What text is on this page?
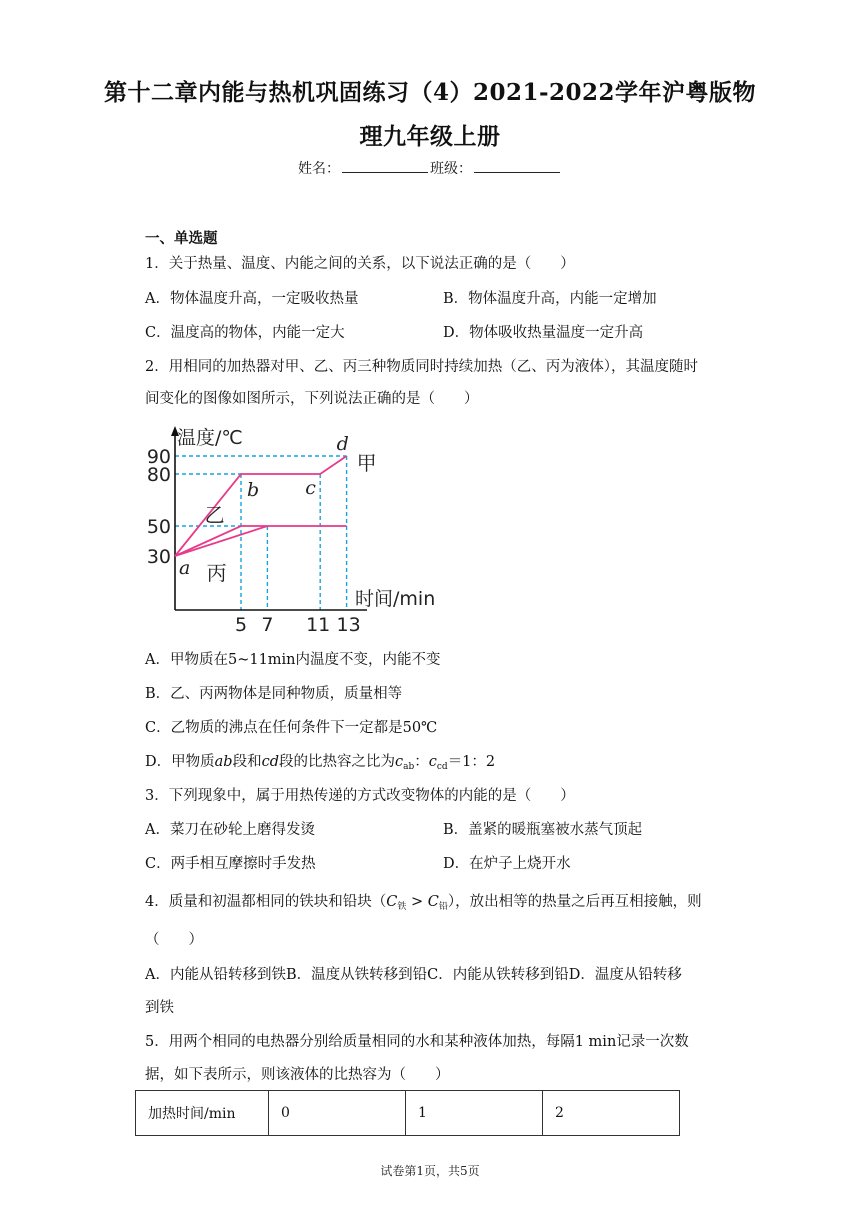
第十二章内能与热机巩固练习（4）2021-2022学年沪粤版物
理九年级上册
姓名：	班级：
一、单选题
1．关于热量、温度、内能之间的关系，以下说法正确的是（　　）
A．物体温度升高，一定吸收热量	B．物体温度升高，内能一定增加
C．温度高的物体，内能一定大	D．物体吸收热量温度一定升高
2．用相同的加热器对甲、乙、丙三种物质同时持续加热（乙、丙为液体），其温度随时
间变化的图像如图所示，下列说法正确的是（　　）
温度/℃
时间/min
30
50
80
90
5 7 11 13
a
b c
d
甲
乙
丙
A．甲物质在5~11min内温度不变，内能不变
B．乙、丙两物体是同种物质，质量相等
C．乙物质的沸点在任何条件下一定都是50℃
D．甲物质ab段和cd段的比热容之比为$c_{ab}$：$c_{cd}=1$：2
3．下列现象中，属于用热传递的方式改变物体的内能的是（　　）
A．菜刀在砂轮上磨得发烫	B．盖紧的暖瓶塞被水蒸气顶起
C．两手相互摩擦时手发热	D．在炉子上烧开水
4．质量和初温都相同的铁块和铅块$(C_铁 > C_铅)$，放出相等的热量之后再互相接触，则
（　　）
A．内能从铅转移到铁B．温度从铁转移到铅C．内能从铁转移到铅D．温度从铅转移
到铁
5．用两个相同的电热器分别给质量相同的水和某种液体加热，每隔1 min记录一次数
据，如下表所示，则该液体的比热容为（　　）
加热时间/min	0	1	2
试卷第1页，共5页
